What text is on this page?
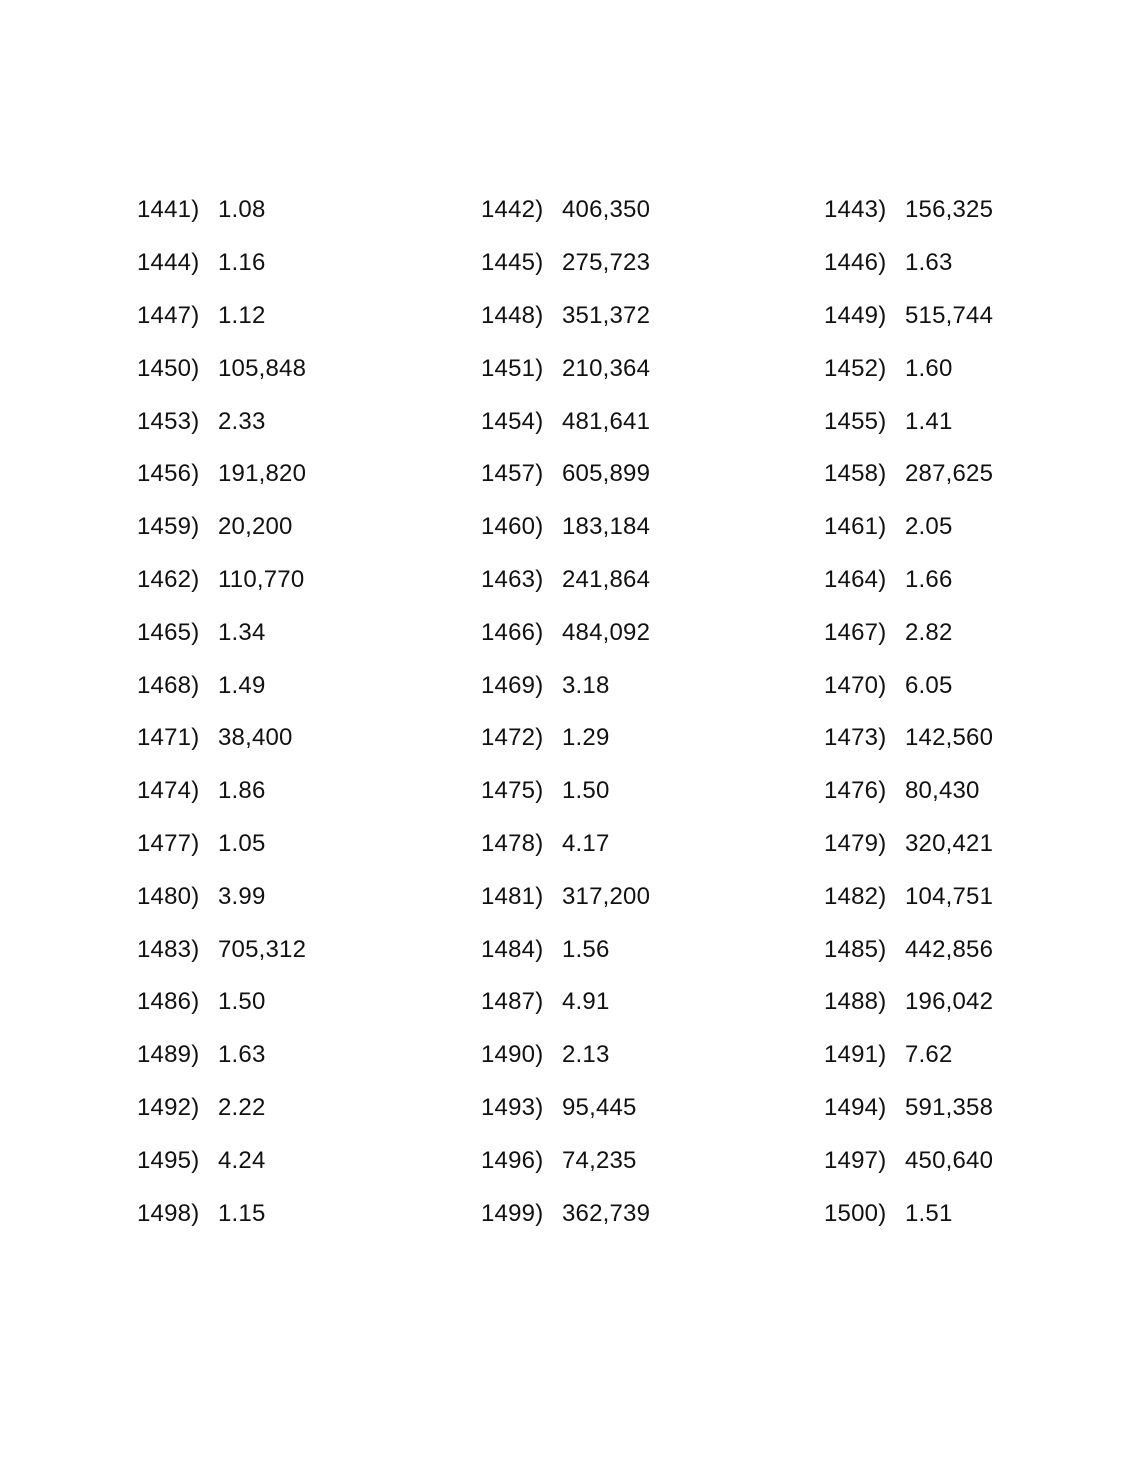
1441) 1.08	1442) 406,350	1443) 156,325
1444) 1.16	1445) 275,723	1446) 1.63
1447) 1.12	1448) 351,372	1449) 515,744
1450) 105,848	1451) 210,364	1452) 1.60
1453) 2.33	1454) 481,641	1455) 1.41
1456) 191,820	1457) 605,899	1458) 287,625
1459) 20,200	1460) 183,184	1461) 2.05
1462) 110,770	1463) 241,864	1464) 1.66
1465) 1.34	1466) 484,092	1467) 2.82
1468) 1.49	1469) 3.18	1470) 6.05
1471) 38,400	1472) 1.29	1473) 142,560
1474) 1.86	1475) 1.50	1476) 80,430
1477) 1.05	1478) 4.17	1479) 320,421
1480) 3.99	1481) 317,200	1482) 104,751
1483) 705,312	1484) 1.56	1485) 442,856
1486) 1.50	1487) 4.91	1488) 196,042
1489) 1.63	1490) 2.13	1491) 7.62
1492) 2.22	1493) 95,445	1494) 591,358
1495) 4.24	1496) 74,235	1497) 450,640
1498) 1.15	1499) 362,739	1500) 1.51
